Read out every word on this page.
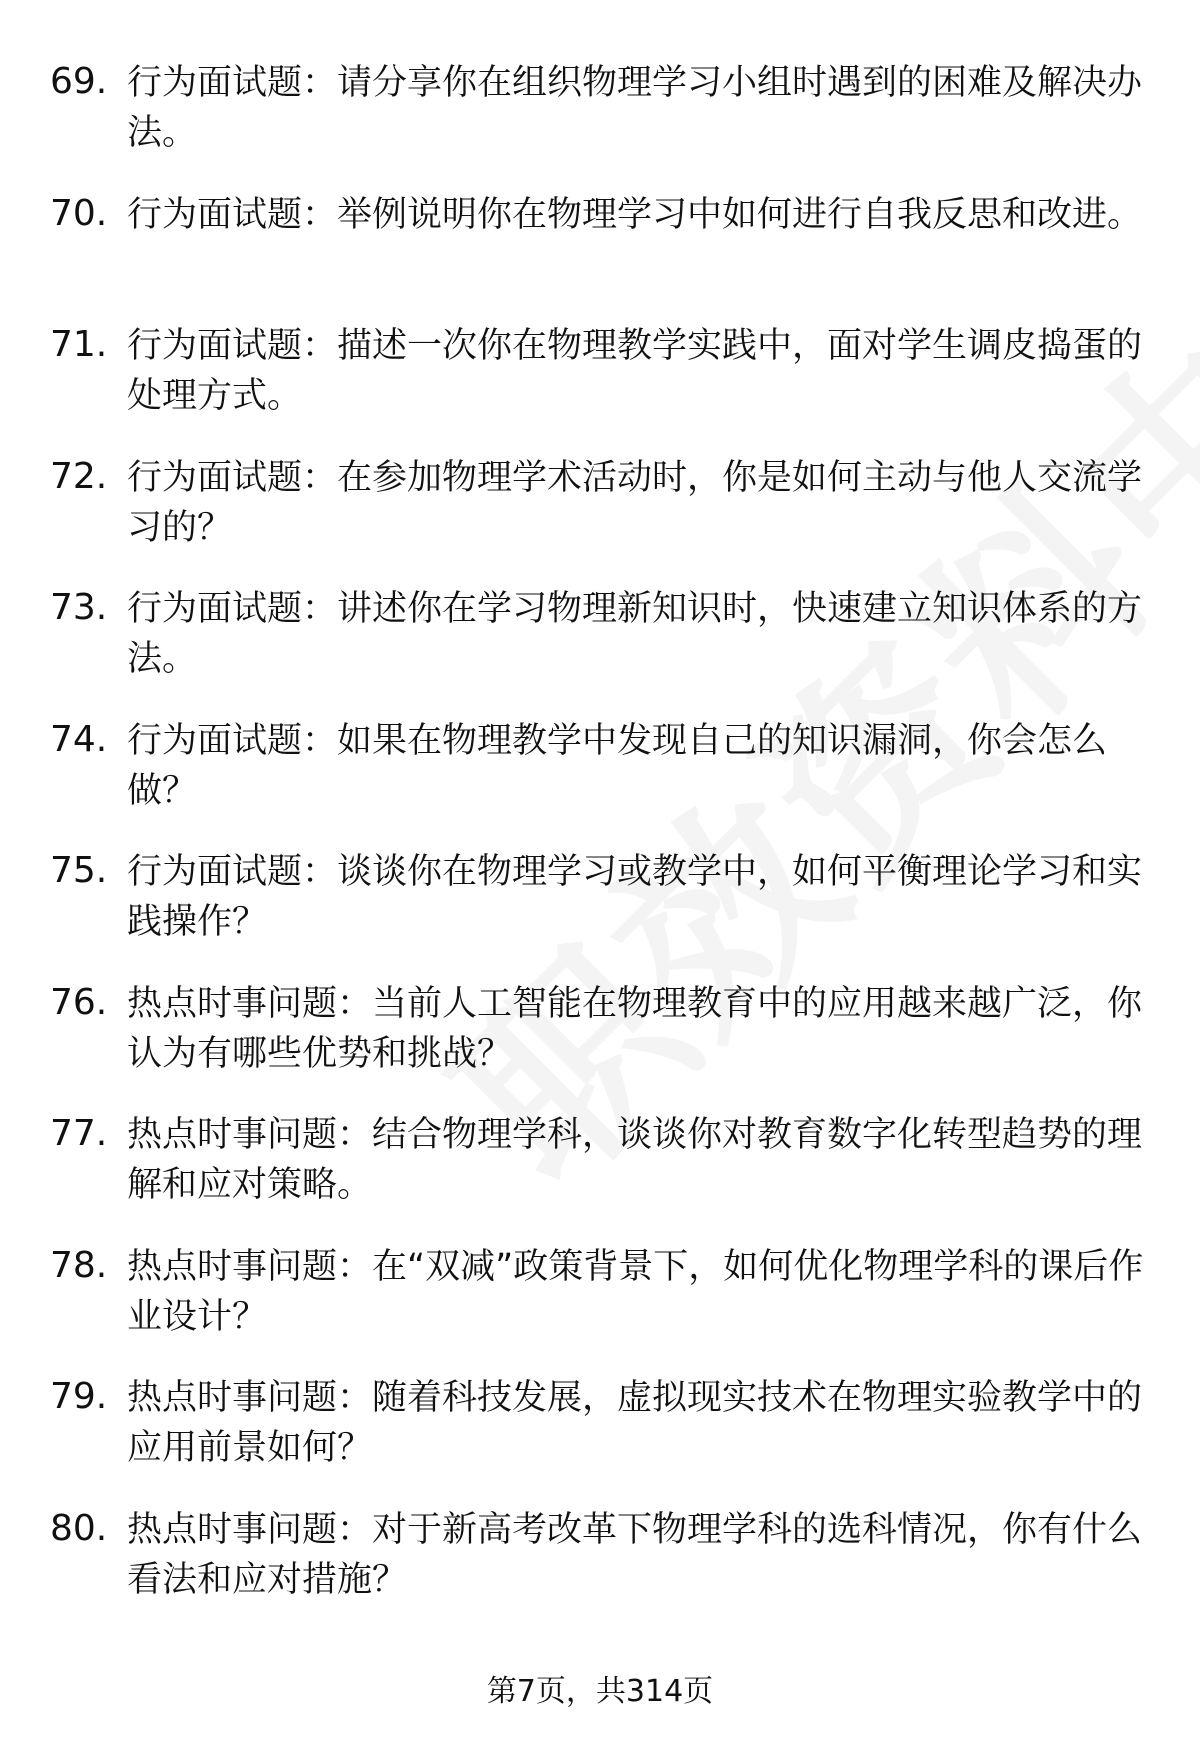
69. 行为面试题：请分享你在组织物理学习小组时遇到的困难及解决办法。
70. 行为面试题：举例说明你在物理学习中如何进行自我反思和改进。
71. 行为面试题：描述一次你在物理教学实践中，面对学生调皮捣蛋的处理方式。
72. 行为面试题：在参加物理学术活动时，你是如何主动与他人交流学习的？
73. 行为面试题：讲述你在学习物理新知识时，快速建立知识体系的方法。
74. 行为面试题：如果在物理教学中发现自己的知识漏洞，你会怎么做？
75. 行为面试题：谈谈你在物理学习或教学中，如何平衡理论学习和实践操作？
76. 热点时事问题：当前人工智能在物理教育中的应用越来越广泛，你认为有哪些优势和挑战？
77. 热点时事问题：结合物理学科，谈谈你对教育数字化转型趋势的理解和应对策略。
78. 热点时事问题：在“双减”政策背景下，如何优化物理学科的课后作业设计？
79. 热点时事问题：随着科技发展，虚拟现实技术在物理实验教学中的应用前景如何？
80. 热点时事问题：对于新高考改革下物理学科的选科情况，你有什么看法和应对措施？
第7页，共314页
